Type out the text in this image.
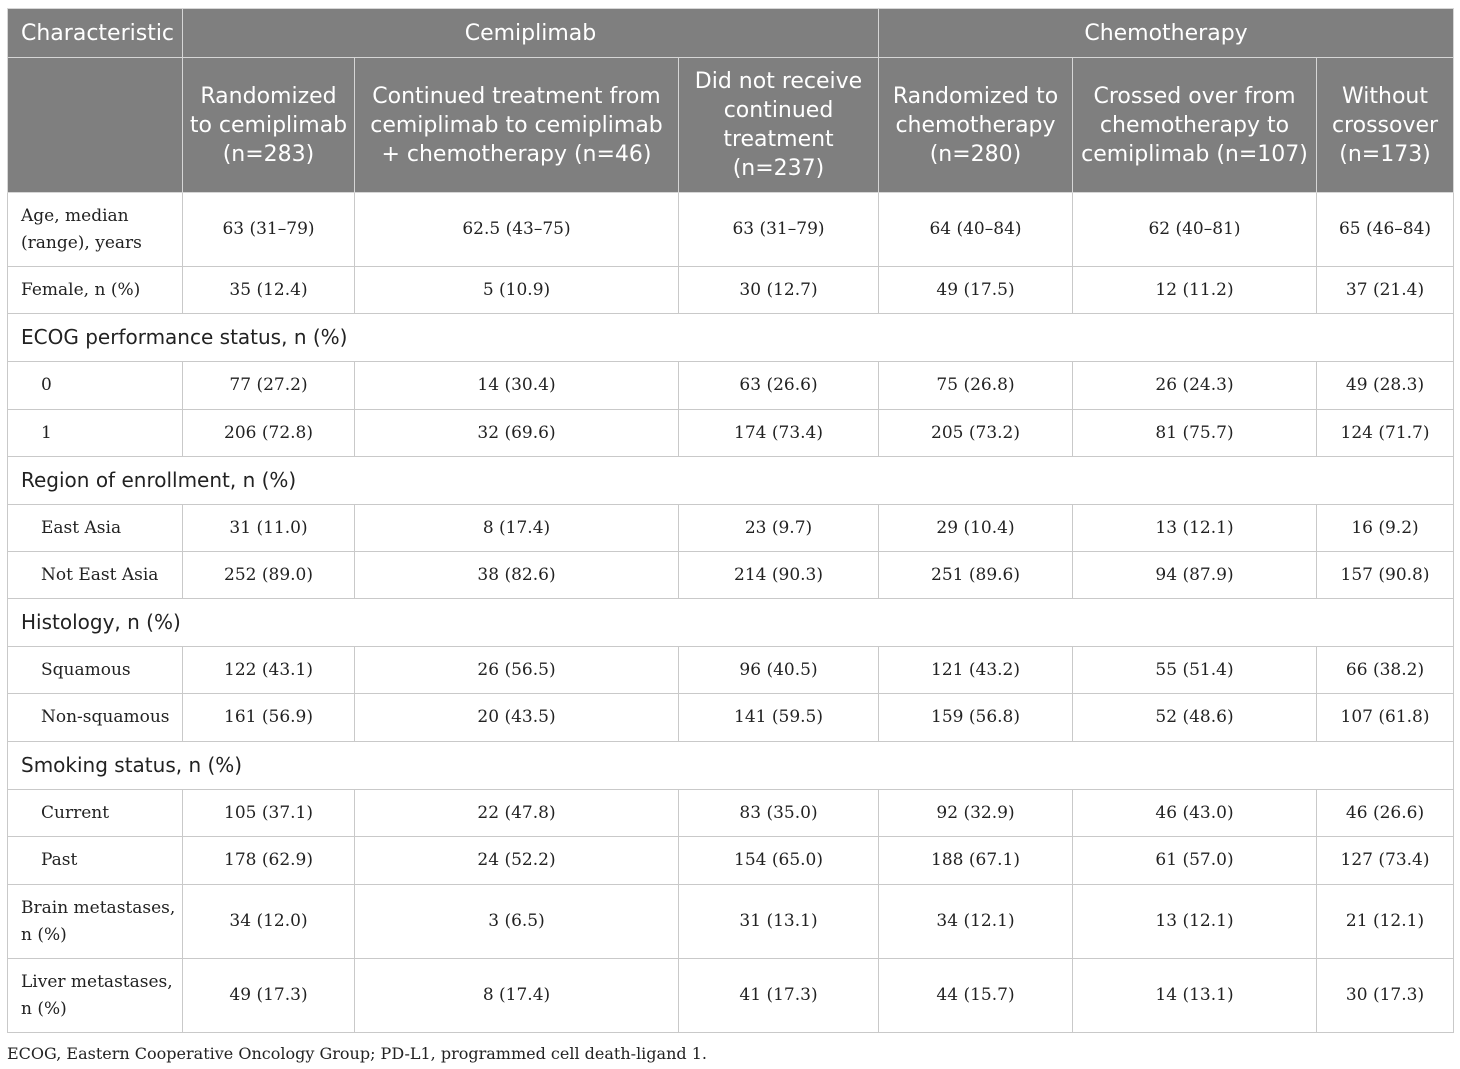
Characteristic	Cemiplimab			Chemotherapy		
	Randomized to cemiplimab (n=283)	Continued treatment from cemiplimab to cemiplimab + chemotherapy (n=46)	Did not receive continued treatment (n=237)	Randomized to chemotherapy (n=280)	Crossed over from chemotherapy to cemiplimab (n=107)	Without crossover (n=173)
Age, median (range), years	63 (31–79)	62.5 (43–75)	63 (31–79)	64 (40–84)	62 (40–81)	65 (46–84)
Female, n (%)	35 (12.4)	5 (10.9)	30 (12.7)	49 (17.5)	12 (11.2)	37 (21.4)
ECOG performance status, n (%)						
0	77 (27.2)	14 (30.4)	63 (26.6)	75 (26.8)	26 (24.3)	49 (28.3)
1	206 (72.8)	32 (69.6)	174 (73.4)	205 (73.2)	81 (75.7)	124 (71.7)
Region of enrollment, n (%)						
East Asia	31 (11.0)	8 (17.4)	23 (9.7)	29 (10.4)	13 (12.1)	16 (9.2)
Not East Asia	252 (89.0)	38 (82.6)	214 (90.3)	251 (89.6)	94 (87.9)	157 (90.8)
Histology, n (%)						
Squamous	122 (43.1)	26 (56.5)	96 (40.5)	121 (43.2)	55 (51.4)	66 (38.2)
Non-squamous	161 (56.9)	20 (43.5)	141 (59.5)	159 (56.8)	52 (48.6)	107 (61.8)
Smoking status, n (%)						
Current	105 (37.1)	22 (47.8)	83 (35.0)	92 (32.9)	46 (43.0)	46 (26.6)
Past	178 (62.9)	24 (52.2)	154 (65.0)	188 (67.1)	61 (57.0)	127 (73.4)
Brain metastases, n (%)	34 (12.0)	3 (6.5)	31 (13.1)	34 (12.1)	13 (12.1)	21 (12.1)
Liver metastases, n (%)	49 (17.3)	8 (17.4)	41 (17.3)	44 (15.7)	14 (13.1)	30 (17.3)
ECOG, Eastern Cooperative Oncology Group; PD-L1, programmed cell death-ligand 1.
